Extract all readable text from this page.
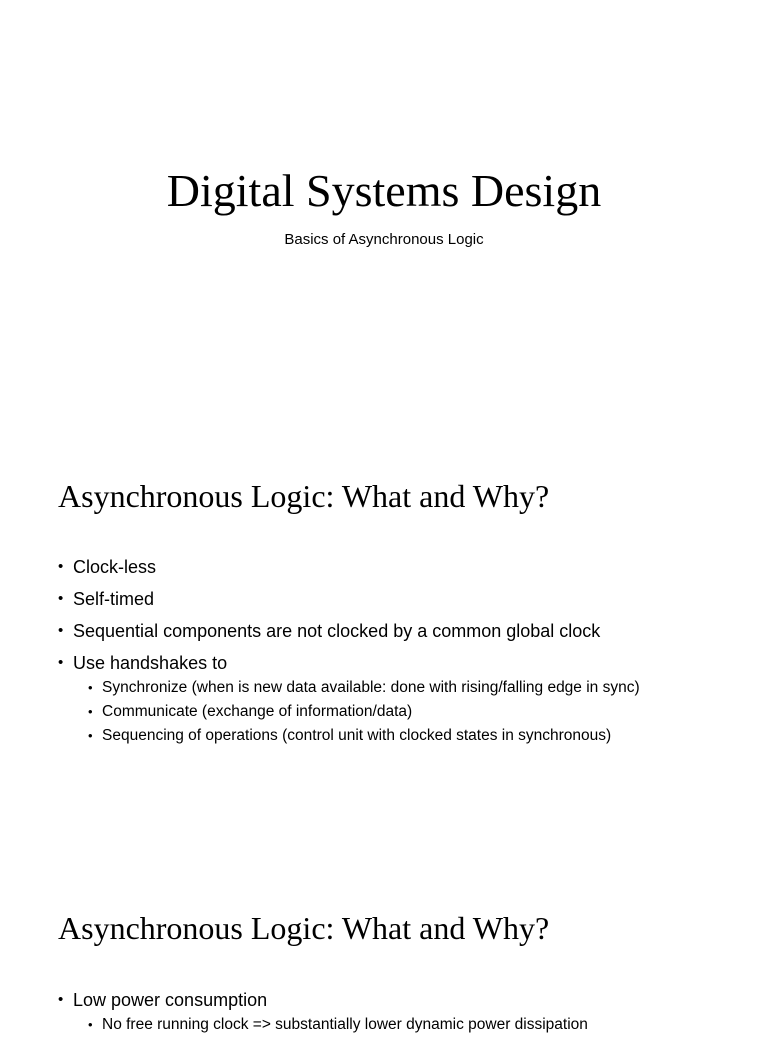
Digital Systems Design

Basics of Asynchronous Logic

Asynchronous Logic: What and Why?
• Clock-less
• Self-timed
• Sequential components are not clocked by a common global clock
• Use handshakes to
• Synchronize (when is new data available: done with rising/falling edge in sync)
• Communicate (exchange of information/data)
• Sequencing of operations (control unit with clocked states in synchronous)
Asynchronous Logic: What and Why?
• Low power consumption
• No free running clock => substantially lower dynamic power dissipation
